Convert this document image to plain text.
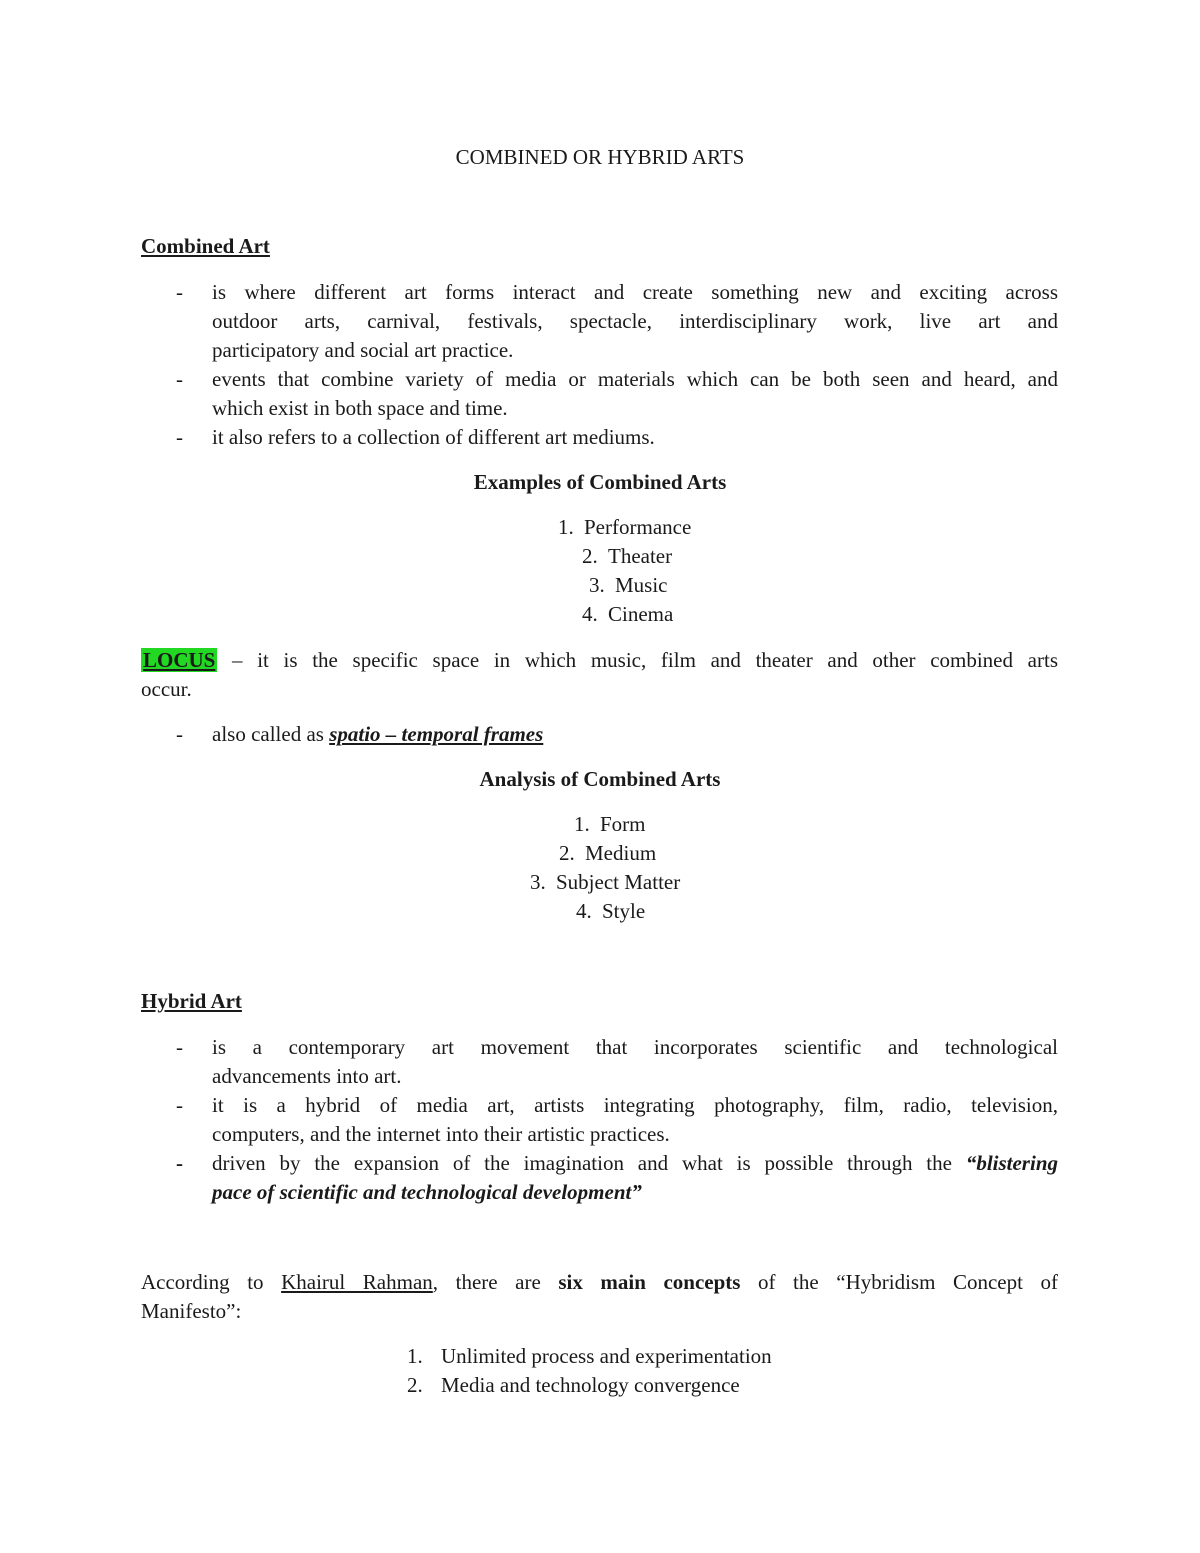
COMBINED OR HYBRID ARTS
Combined Art
- is where different art forms interact and create something new and exciting across
outdoor arts, carnival, festivals, spectacle, interdisciplinary work, live art and
participatory and social art practice.
- events that combine variety of media or materials which can be both seen and heard, and
which exist in both space and time.
- it also refers to a collection of different art mediums.
Examples of Combined Arts
1. Performance
2. Theater
3. Music
4. Cinema
LOCUS – it is the specific space in which music, film and theater and other combined arts
occur.
- also called as spatio – temporal frames
Analysis of Combined Arts
1. Form
2. Medium
3. Subject Matter
4. Style
Hybrid Art
- is a contemporary art movement that incorporates scientific and technological
advancements into art.
- it is a hybrid of media art, artists integrating photography, film, radio, television,
computers, and the internet into their artistic practices.
- driven by the expansion of the imagination and what is possible through the “blistering
pace of scientific and technological development”
According to Khairul Rahman, there are six main concepts of the “Hybridism Concept of
Manifesto”:
1. Unlimited process and experimentation
2. Media and technology convergence
